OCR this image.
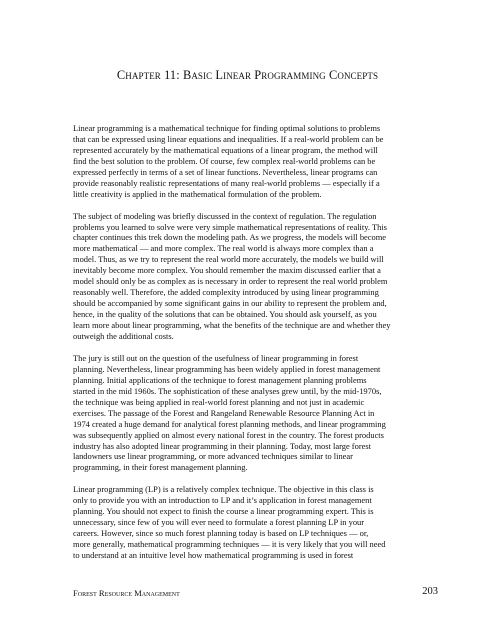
Chapter 11: Basic Linear Programming Concepts

Linear programming is a mathematical technique for finding optimal solutions to problems
that can be expressed using linear equations and inequalities. If a real-world problem can be
represented accurately by the mathematical equations of a linear program, the method will
find the best solution to the problem. Of course, few complex real-world problems can be
expressed perfectly in terms of a set of linear functions. Nevertheless, linear programs can
provide reasonably realistic representations of many real-world problems — especially if a
little creativity is applied in the mathematical formulation of the problem.

The subject of modeling was briefly discussed in the context of regulation. The regulation
problems you learned to solve were very simple mathematical representations of reality. This
chapter continues this trek down the modeling path. As we progress, the models will become
more mathematical — and more complex. The real world is always more complex than a
model. Thus, as we try to represent the real world more accurately, the models we build will
inevitably become more complex. You should remember the maxim discussed earlier that a
model should only be as complex as is necessary in order to represent the real world problem
reasonably well. Therefore, the added complexity introduced by using linear programming
should be accompanied by some significant gains in our ability to represent the problem and,
hence, in the quality of the solutions that can be obtained. You should ask yourself, as you
learn more about linear programming, what the benefits of the technique are and whether they
outweigh the additional costs.

The jury is still out on the question of the usefulness of linear programming in forest
planning. Nevertheless, linear programming has been widely applied in forest management
planning. Initial applications of the technique to forest management planning problems
started in the mid 1960s. The sophistication of these analyses grew until, by the mid-1970s,
the technique was being applied in real-world forest planning and not just in academic
exercises. The passage of the Forest and Rangeland Renewable Resource Planning Act in
1974 created a huge demand for analytical forest planning methods, and linear programming
was subsequently applied on almost every national forest in the country. The forest products
industry has also adopted linear programming in their planning. Today, most large forest
landowners use linear programming, or more advanced techniques similar to linear
programming, in their forest management planning.

Linear programming (LP) is a relatively complex technique. The objective in this class is
only to provide you with an introduction to LP and it’s application in forest management
planning. You should not expect to finish the course a linear programming expert. This is
unnecessary, since few of you will ever need to formulate a forest planning LP in your
careers. However, since so much forest planning today is based on LP techniques — or,
more generally, mathematical programming techniques — it is very likely that you will need
to understand at an intuitive level how mathematical programming is used in forest

Forest Resource Management	203
